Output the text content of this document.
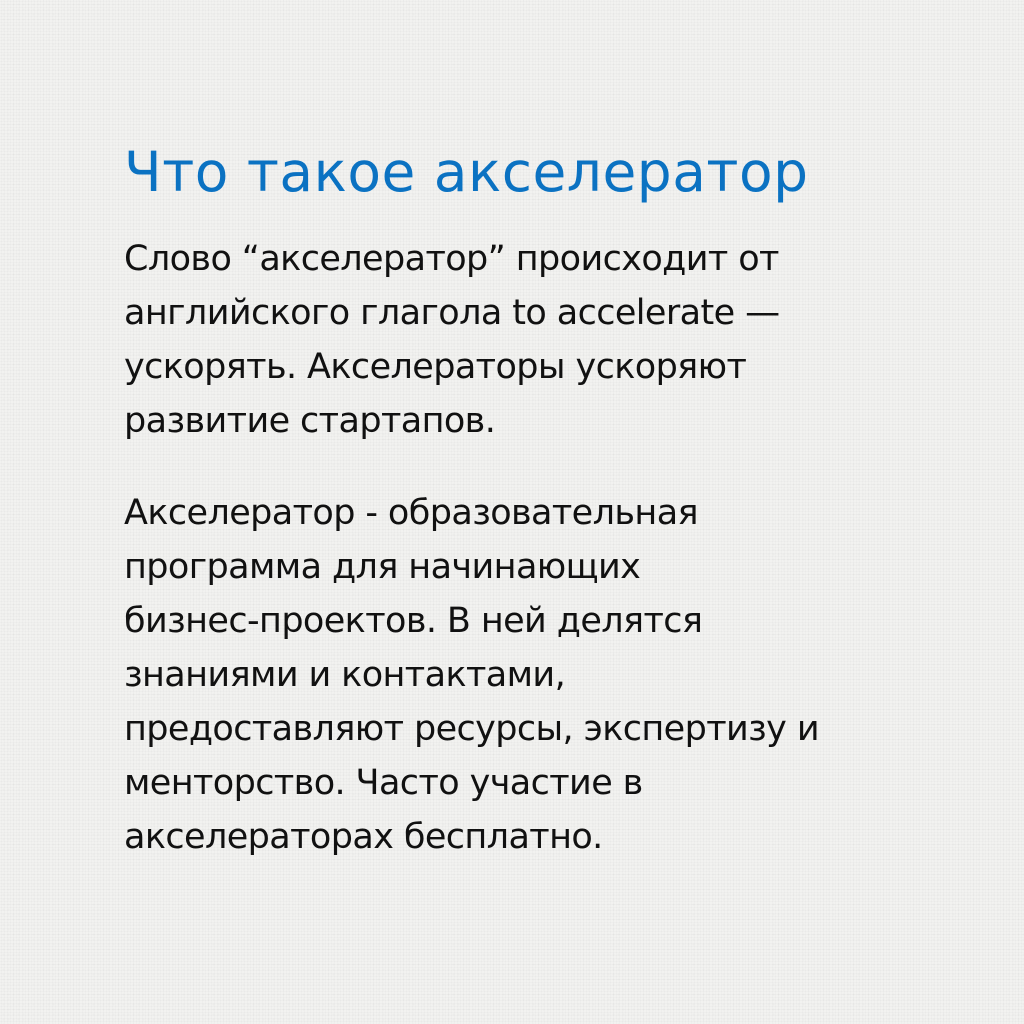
Что такое акселератор

Слово “акселератор” происходит от
английского глагола to accelerate —
ускорять. Акселераторы ускоряют
развитие стартапов.

Акселератор - образовательная
программа для начинающих
бизнес-проектов. В ней делятся
знаниями и контактами,
предоставляют ресурсы, экспертизу и
менторство. Часто участие в
акселераторах бесплатно.
